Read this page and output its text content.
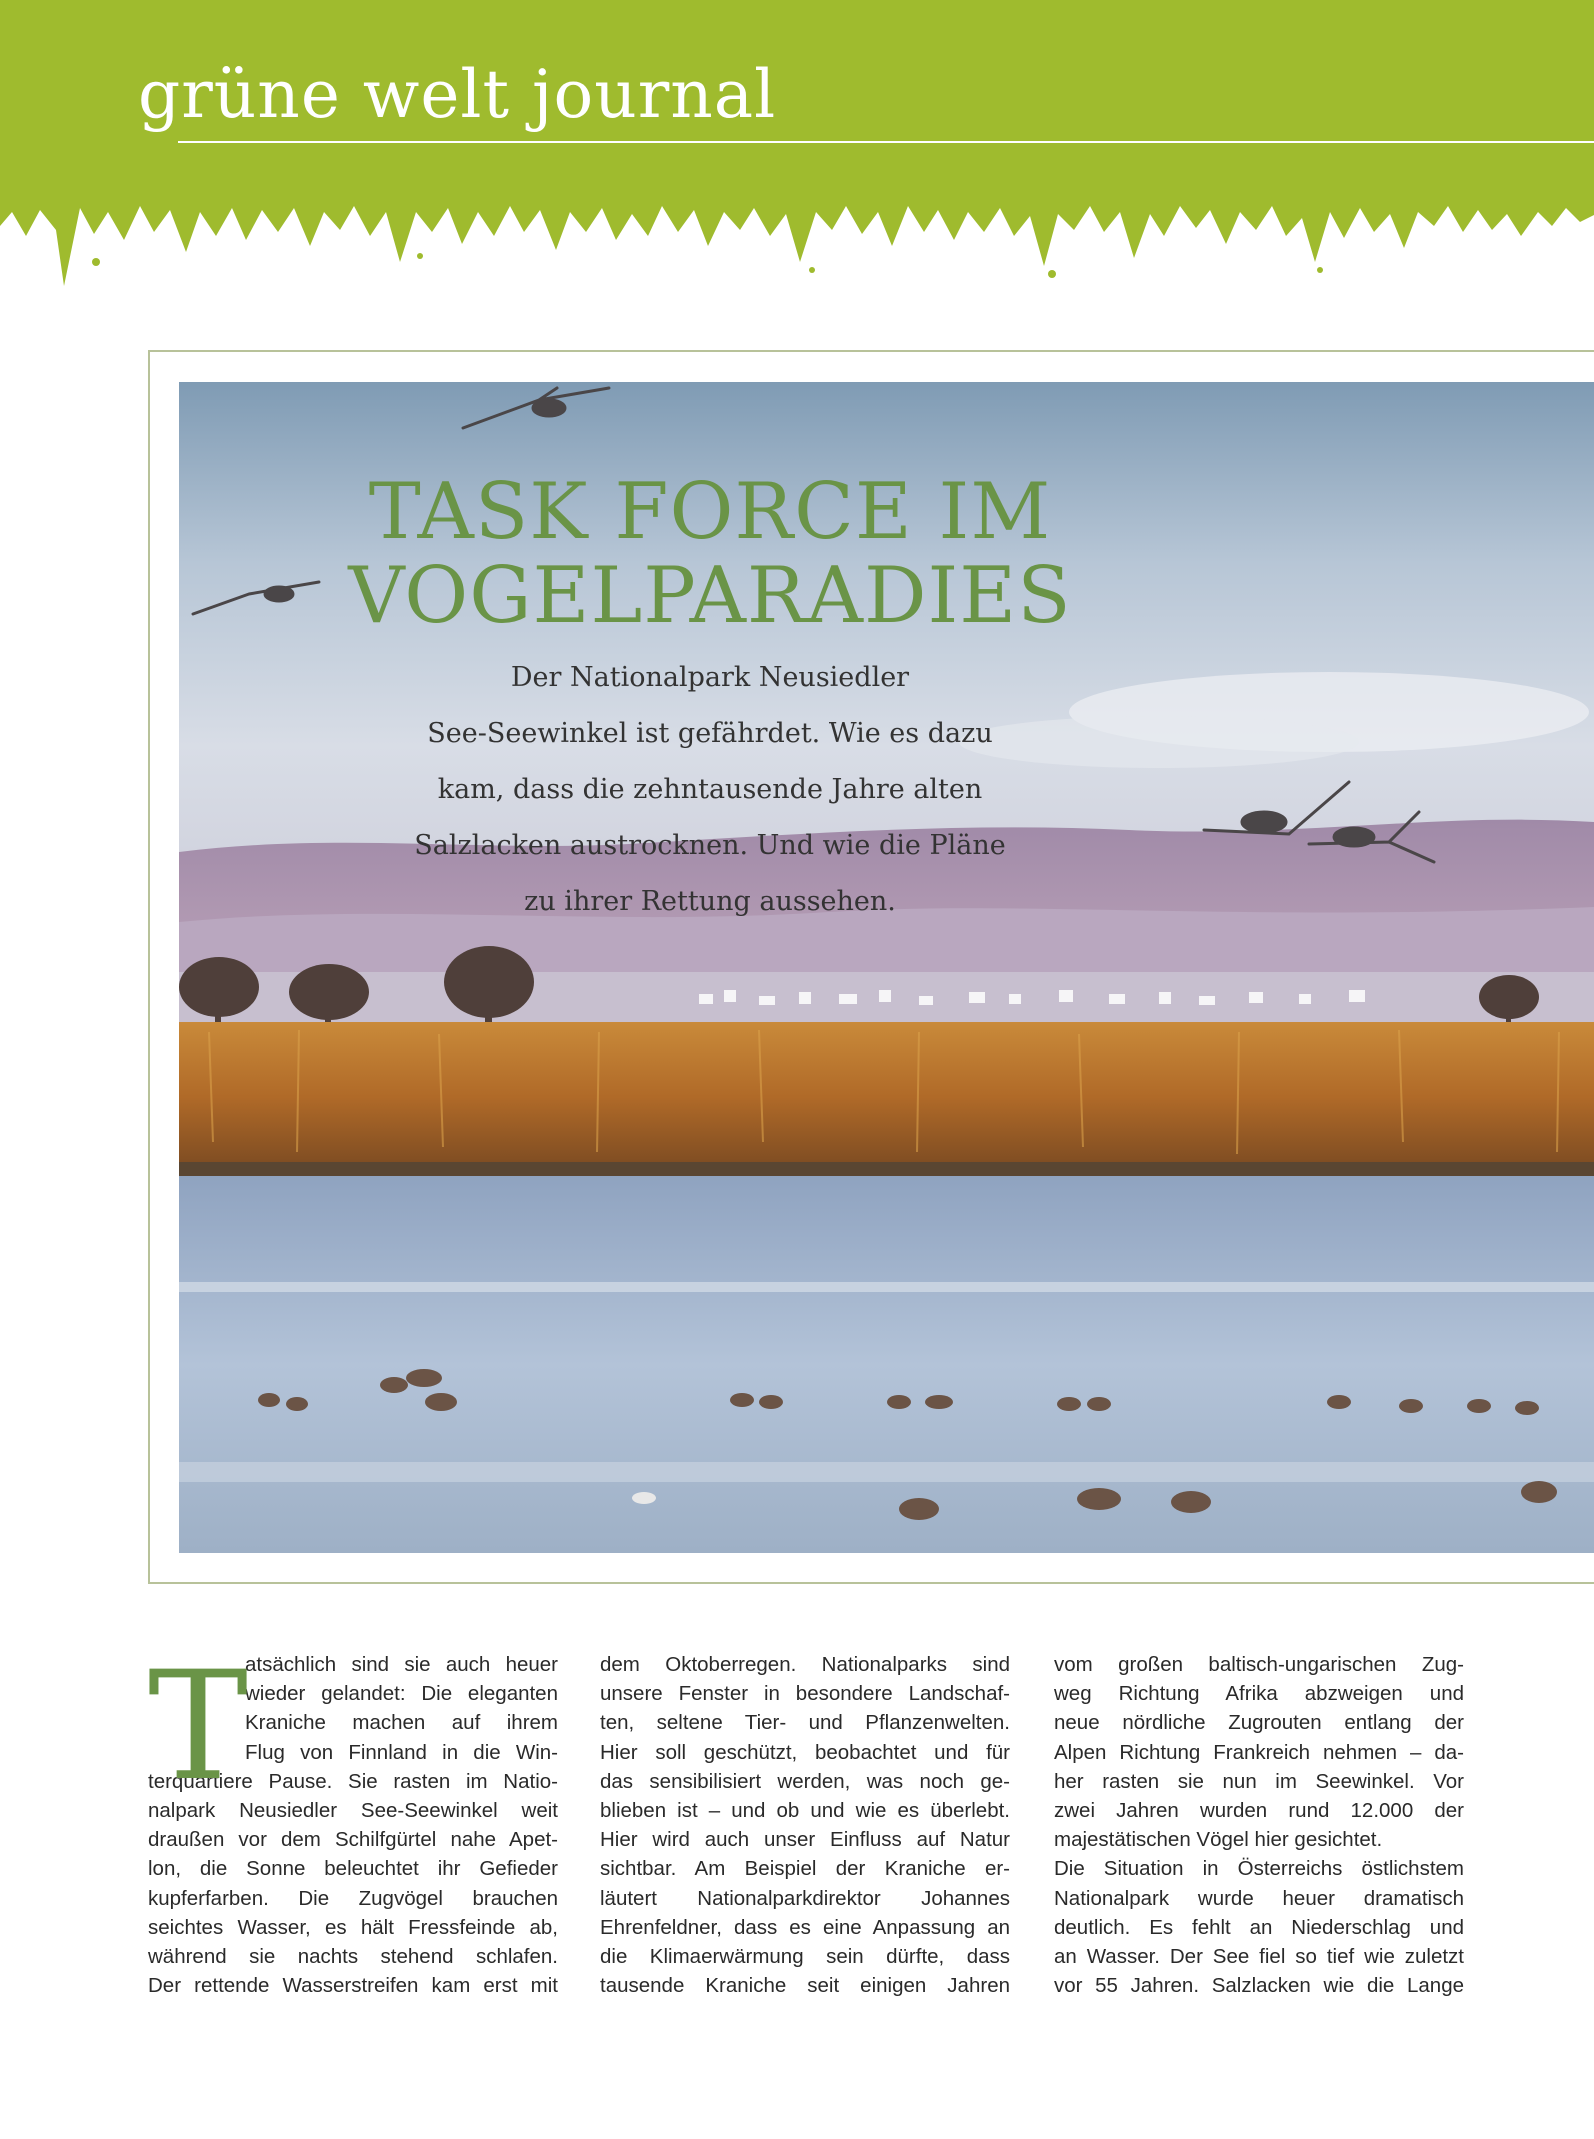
grüne welt journal
TASK FORCE IM
VOGELPARADIES

Der Nationalpark Neusiedler
See-Seewinkel ist gefährdet. Wie es dazu
kam, dass die zehntausende Jahre alten
Salzlacken austrocknen. Und wie die Pläne
zu ihrer Rettung aussehen.

T
atsächlich sind sie auch heuer
wieder gelandet: Die eleganten
Kraniche machen auf ihrem
Flug von Finnland in die Win-
terquartiere Pause. Sie rasten im Natio-
nalpark Neusiedler See-Seewinkel weit
draußen vor dem Schilfgürtel nahe Apet-
lon, die Sonne beleuchtet ihr Gefieder
kupferfarben. Die Zugvögel brauchen
seichtes Wasser, es hält Fressfeinde ab,
während sie nachts stehend schlafen.
Der rettende Wasserstreifen kam erst mit
dem Oktoberregen. Nationalparks sind
unsere Fenster in besondere Landschaf-
ten, seltene Tier- und Pflanzenwelten.
Hier soll geschützt, beobachtet und für
das sensibilisiert werden, was noch ge-
blieben ist – und ob und wie es überlebt.
Hier wird auch unser Einfluss auf Natur
sichtbar. Am Beispiel der Kraniche er-
läutert Nationalparkdirektor Johannes
Ehrenfeldner, dass es eine Anpassung an
die Klimaerwärmung sein dürfte, dass
tausende Kraniche seit einigen Jahren
vom großen baltisch-ungarischen Zug-
weg Richtung Afrika abzweigen und
neue nördliche Zugrouten entlang der
Alpen Richtung Frankreich nehmen – da-
her rasten sie nun im Seewinkel. Vor
zwei Jahren wurden rund 12.000 der
majestätischen Vögel hier gesichtet.
Die Situation in Österreichs östlichstem
Nationalpark wurde heuer dramatisch
deutlich. Es fehlt an Niederschlag und
an Wasser. Der See fiel so tief wie zuletzt
vor 55 Jahren. Salzlacken wie die Lange
